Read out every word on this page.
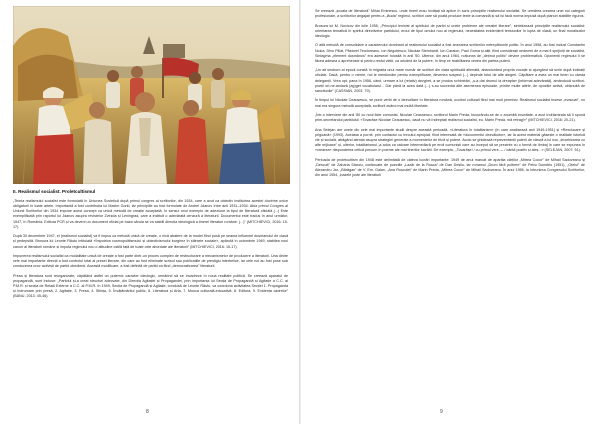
II. Realismul socialist. Proletcultismul

„Teoria realismului socialist este formulată în Uniunea Sovietică după primul congres al scriitorilor, din 1934, care a avut ca obiectiv instituirea acestei doctrine unice obligatorii în toate artele. Importantă a fost contribuția lui Maxim Gorki, iar principiile au fost formulate de Andrei Jdanov între anii 1931–1934. Abia primul Congres al Uniunii Scriitorilor din 1934 impune acest concept ca unică metodă de creație acceptată, în sensul unui exemplu de adeziune la tipul de literatură oficială (...) Este exemplificată prin raportul lui Jdanov asupra revistelor Zvezda și Leningrad, care a instituit o adevărată cenzură a literaturii. Documentul este tradus în anul următor, 1947, în România. Editura PCR și va deveni un document oficial pe baza căruia se va stabili direcția ideologică a tinerei literaturi române. (...)” (MITCHIEVICI, 2016: 15-17).

După 30 decembrie 1947, el (realismul socialist) va fi impus ca metodă unică de creație, o nică abatere de la model fiind pusă pe seama influenței dușmanului de clasă și pedepsită. Brosura lui Leonte Răutu intitulată «Împotriva cosmopolitismului și obiectivismului burghez în științele sociale», apărută în octombrie 1949, stabilea noul canon al literaturii române și imputa regimului nou o atitudine ostilă față de toate cele abordate ale literaturii” (MITCHIEVICI, 2016: 15-17).

Impunerea realismului socialist ca modalitate unică de creație a fost parte dintr-un proces complex de restructurare a mecanismelor de producere a literaturii. Una dintre cele mai importante direcții a fost controlul total al presei literare, din care au fost eliminate scrisul sau publicațiile de prestigiu interbelice, iar cele noi au fost puse sub conducerea unor activiști de partid obedienți. Această modificare, a fost definită de partid ca fiind „democratizarea” literaturii.

Presa și literatura sunt reorganizate, căpătând astfel un puternic caracter ideologic, urmărind să se încadreze în noua realitate politică. Se creează aparatul de propagandă, sunt incluse: „Partidul și-a creat structuri adecvate, din Direcția Agitației și Propagandei, prin importanța lui Secția de Propagandă și Agitație a C.C. al P.M.R. și secția de Relații Externe a C.C. al P.M.R. în 1949, Secția de Propagandă și Agitație, condusă de Leonte Răutu, va coordona activitatea Secției 1. Propaganda și îndrumare prin presă, 2. Agitație, 3. Presa, 4. Știința, 5. Învățământul public, 6. Literatura și Arta, 7. Munca culturală-educativă, 8. Editura, 9. Evidența cadrelor” (BANU, 2013: 45-46).

8

Se creează „școala de literatură” Mihai Eminescu, unde tinerii erau învățați să aplice în scris principiile realismului socialist. Se urmărea crearea unei noi categorii profesionale, a scriitorilor angajați pentru a „lăuda” regimul, scriitori care să poată produce texte la comandă și să își facă norma impusă după planuri stabilite riguros.

Brosura lui M. Novicov din iulie 1955, „Principiul leninist al spiritului de partid și unele probleme ale creației literare”, sintetizează principiile realismului socialist: orientarea tematică în spiritul directivelor partidului, eroul de tipul omului nou al regimului, necesitatea evidențierii tensiunilor în lupta de clasă, un final moralizator ideologic.

O altă metodă de consolidare a caracterului dominant al realismului socialist a fost anexarea scriitorilor netrepătroniți politic. În anul 1958, au fost incluși Constantin Noica, Dinu Pillat, Păstorel Teodoreanu, Ion Negoițescu, Nicolae Steinhardt, Ion Caraion, Paul Goma și alții, fiind considerați nedemni de a mai fi sprijiniți de socialist. Sintagma „element dușmănos” era adeseori folosită în anii '50. Ulterior, din anul 1964, noțiunea de „deținut politic” devine problematică. Oponenții regimului îi se făcea adesea o aprehensie și pentru restul vieții, ca oricând de la putere, în timp ce reabilitarea venea din partea puterii.

„Un alt sindrom al epocii constă în migrația unui mare număr de scriitori din viața spirituală alienată, abandonând propria vocație și ajungând să scrie după indicații oficiale. Dacă, pentru o vreme, noi le menționăm pentru exemplificare, devenea suspect (...) depinde totul de alte alegeri. Căpătare a avea un mai tineri cu vârsta deleganții. Vrea opt, pana în 1956, când, urmare a lui (relativ) dezghet, a se produs schimbări, „s-a dat drumul la dreapta» (informal adevărată), amândouă scriitori-poeții ori-ne-amiază (ag)get vocabularul... Dar până la acea dată (...) s-au succedat alte asemenea episoade, printre multe altele, de opoziție activă, obișnuită de sanctiunile” (CASSIAN, 2003: 79).

În timpul lui Nicolae Ceaușescu, se pune verbi de o dezvoltare în literatura română, ocolind culturali fiind mai mult permisiv. Realismul socialist fusese „evacuat”, nu mai era singura metodă acceptată, scriitorii având mai multă libertate.

„Într-o interviere din anii '80 cu noul lider comunist, Nicolae Ceaușescu, scriitorul Marin Preda, bucurându-se de o anumită imunitate, a avut îndrăzneala să îi spună prim-secretarului partidului: «Tovarășe Nicolae Ceaușescu, dacă nu vă îndreptați realismul socialist, eu, Marin Preda, mă retrag!»” (MITCHIEVICI, 2016: 20-21).

Ana Selejan are unele din cele mai importante studii despre această perioadă, «Literatura în totalitarism» (în care analizează anii 1949-1951) și «Reeducare și prigoană» (1993). Aceasta a pornit, prin contactul cu trecutul apropiat, fiind interesată de «documentul dezvăluitor», iar la acest material găsește o realitate istorică vie și socială, atrăgând atenția asupra strategiei generale a momentelor de frică și putere. Acolo se ghidează reprezentanții puterii de căruță a lui nou „ierarhizarea cu alte mijloace” și, ulterior, totalitarismul „a adus ca valoare intermediară pe eroii comuniști care au început să se prezinte cu o formă de limbaj în care se expunea în «crearea» răspunderea critică precum în poeme ale mai tinerilor lucrării. De exemplu, „Tovarășe! / cu primul vers — / cântă pozitiv și aleș...» (SELEJAN, 2007: 51).

Perioada de proletcultism din 1948 este delimitată de câteva lucrări importante: 1949 de anul marcat de apariția cărților „Mitrea Cocor” de Mihail Sadoveanu și „Desculț” de Zaharia Stancu, continuate de poeziile „Lazăr de la Rusca” de Dan Deșliu, iar romanul „Drum fără pulbere” de Petru Dumitriu (1951), „Oțelul” de Alexandru Jar, „Bărăgan” de V. Em. Galan, „Ana Roșculeț” de Marin Preda, „Mitrea Cocor” de Mihail Sadoveanu. În anul 1956, la întrunirea Congresului Scriitorilor, din anul 1954, „bazele juste ale literaturii

9
